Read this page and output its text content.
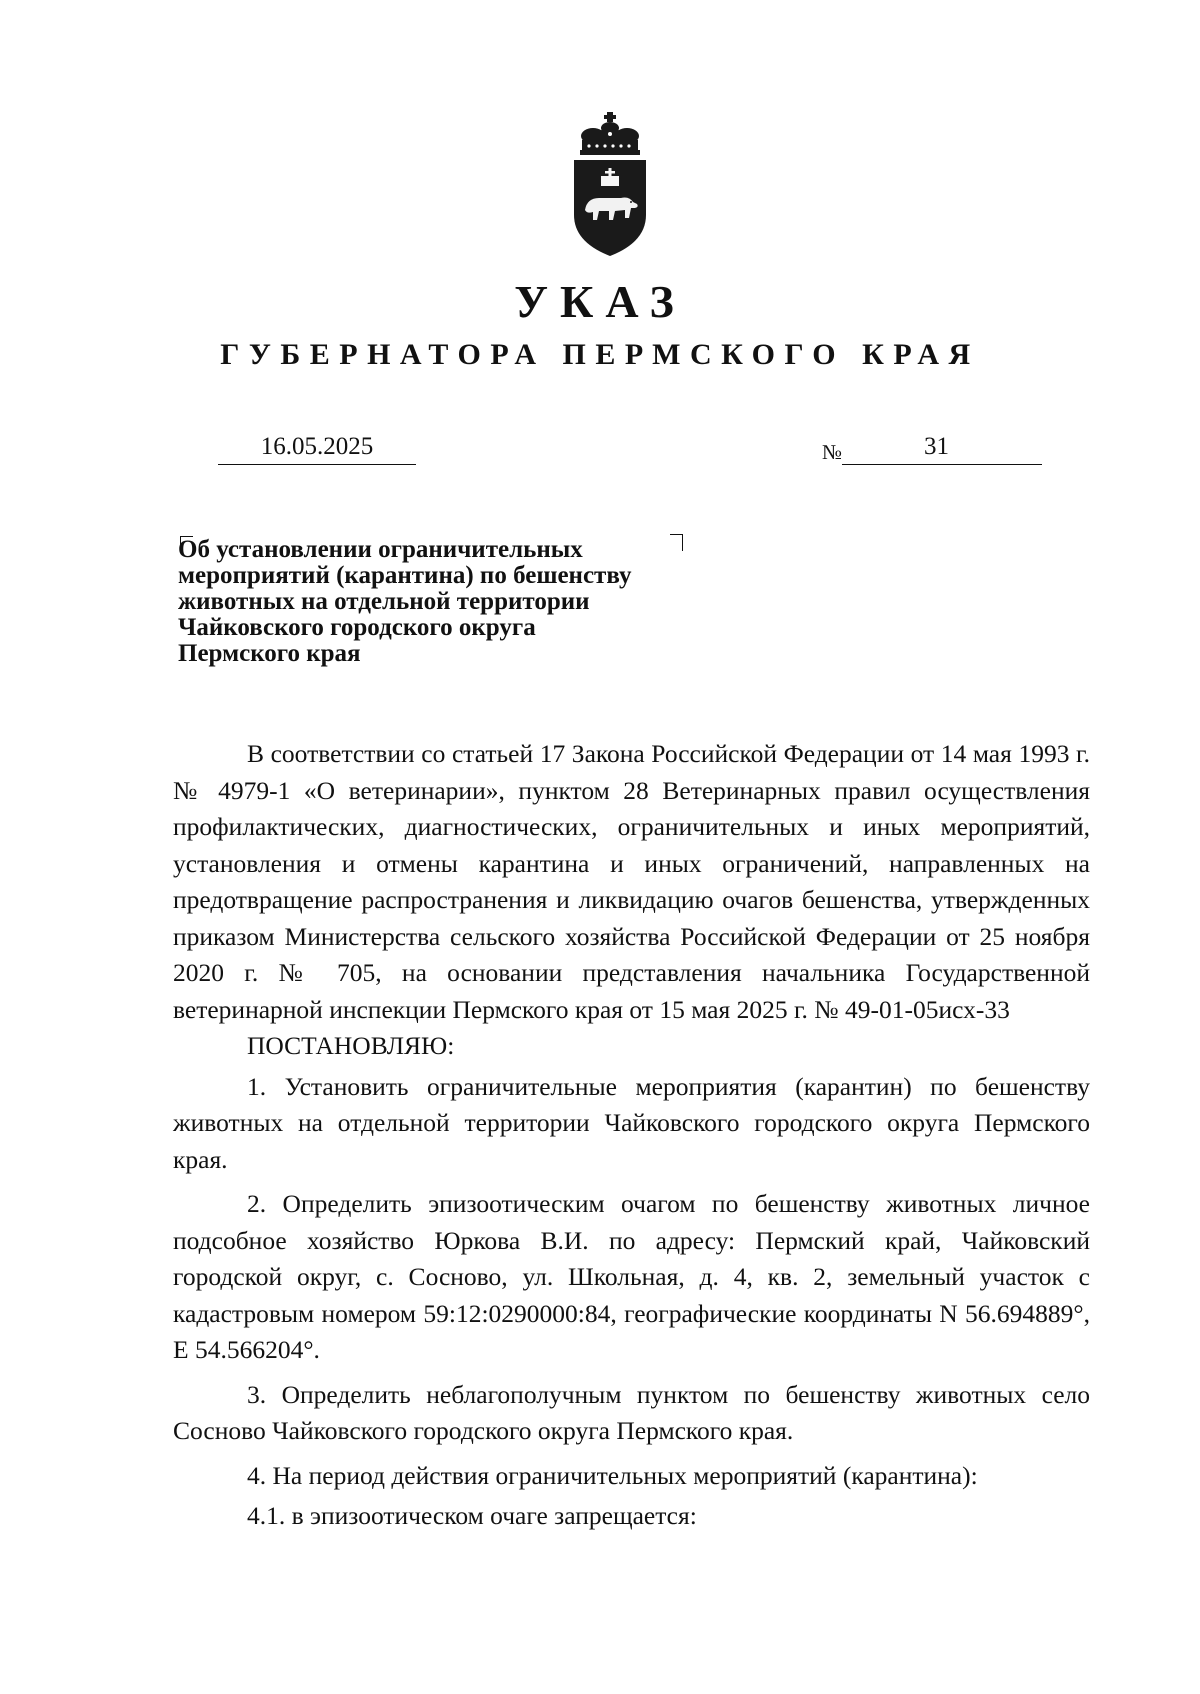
УКАЗ
ГУБЕРНАТОРА ПЕРМСКОГО КРАЯ
16.05.2025	№	31
Об установлении ограничительных
мероприятий (карантина) по бешенству
животных на отдельной территории
Чайковского городского округа
Пермского края

В соответствии со статьей 17 Закона Российской Федерации от 14 мая 1993 г. № 4979-1 «О ветеринарии», пунктом 28 Ветеринарных правил осуществления профилактических, диагностических, ограничительных и иных мероприятий, установления и отмены карантина и иных ограничений, направленных на предотвращение распространения и ликвидацию очагов бешенства, утвержденных приказом Министерства сельского хозяйства Российской Федерации от 25 ноября 2020 г. № 705, на основании представления начальника Государственной ветеринарной инспекции Пермского края от 15 мая 2025 г. № 49-01-05исх-33

ПОСТАНОВЛЯЮ:

1. Установить ограничительные мероприятия (карантин) по бешенству животных на отдельной территории Чайковского городского округа Пермского края.

2. Определить эпизоотическим очагом по бешенству животных личное подсобное хозяйство Юркова В.И. по адресу: Пермский край, Чайковский городской округ, с. Сосново, ул. Школьная, д. 4, кв. 2, земельный участок с кадастровым номером 59:12:0290000:84, географические координаты N 56.694889°, E 54.566204°.

3. Определить неблагополучным пунктом по бешенству животных село Сосново Чайковского городского округа Пермского края.

4. На период действия ограничительных мероприятий (карантина):

4.1. в эпизоотическом очаге запрещается:
